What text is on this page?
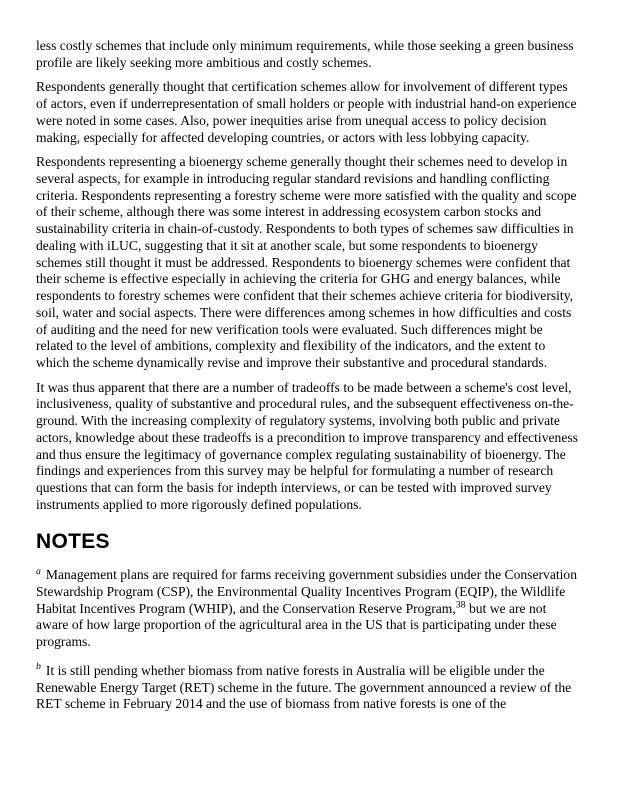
less costly schemes that include only minimum requirements, while those seeking a green business profile are likely seeking more ambitious and costly schemes.

Respondents generally thought that certification schemes allow for involvement of different types of actors, even if underrepresentation of small holders or people with industrial hand-on experience were noted in some cases. Also, power inequities arise from unequal access to policy decision making, especially for affected developing countries, or actors with less lobbying capacity.

Respondents representing a bioenergy scheme generally thought their schemes need to develop in several aspects, for example in introducing regular standard revisions and handling conflicting criteria. Respondents representing a forestry scheme were more satisfied with the quality and scope of their scheme, although there was some interest in addressing ecosystem carbon stocks and sustainability criteria in chain-of-custody. Respondents to both types of schemes saw difficulties in dealing with iLUC, suggesting that it sit at another scale, but some respondents to bioenergy schemes still thought it must be addressed. Respondents to bioenergy schemes were confident that their scheme is effective especially in achieving the criteria for GHG and energy balances, while respondents to forestry schemes were confident that their schemes achieve criteria for biodiversity, soil, water and social aspects. There were differences among schemes in how difficulties and costs of auditing and the need for new verification tools were evaluated. Such differences might be related to the level of ambitions, complexity and flexibility of the indicators, and the extent to which the scheme dynamically revise and improve their substantive and procedural standards.

It was thus apparent that there are a number of tradeoffs to be made between a scheme's cost level, inclusiveness, quality of substantive and procedural rules, and the subsequent effectiveness on-the-ground. With the increasing complexity of regulatory systems, involving both public and private actors, knowledge about these tradeoffs is a precondition to improve transparency and effectiveness and thus ensure the legitimacy of governance complex regulating sustainability of bioenergy. The findings and experiences from this survey may be helpful for formulating a number of research questions that can form the basis for indepth interviews, or can be tested with improved survey instruments applied to more rigorously defined populations.

NOTES

$^a$ Management plans are required for farms receiving government subsidies under the Conservation Stewardship Program (CSP), the Environmental Quality Incentives Program (EQIP), the Wildlife Habitat Incentives Program (WHIP), and the Conservation Reserve Program,$^{38}$ but we are not aware of how large proportion of the agricultural area in the US that is participating under these programs.

$^b$ It is still pending whether biomass from native forests in Australia will be eligible under the Renewable Energy Target (RET) scheme in the future. The government announced a review of the RET scheme in February 2014 and the use of biomass from native forests is one of the
